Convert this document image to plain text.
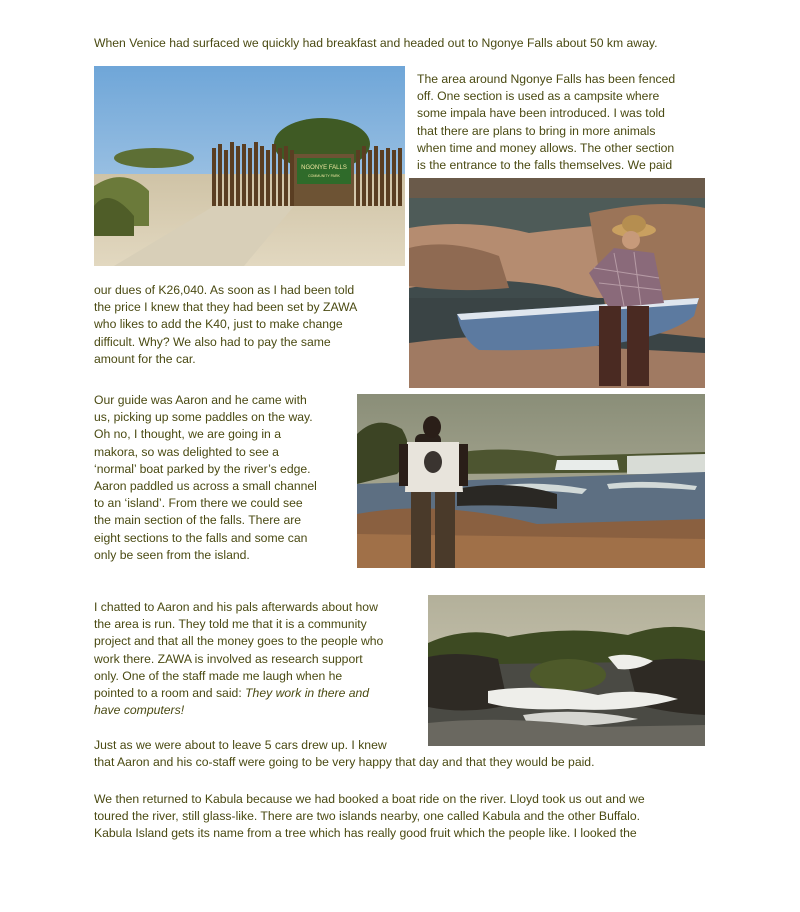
When Venice had surfaced we quickly had breakfast and headed out to Ngonye Falls about 50 km away.
NGONYE FALLS
COMMUNITY PARK
The area around Ngonye Falls has been fenced
off. One section is used as a campsite where
some impala have been introduced. I was told
that there are plans to bring in more animals
when time and money allows. The other section
is the entrance to the falls themselves. We paid
our dues of K26,040. As soon as I had been told
the price I knew that they had been set by ZAWA
who likes to add the K40, just to make change
difficult. Why? We also had to pay the same
amount for the car.
Our guide was Aaron and he came with
us, picking up some paddles on the way.
Oh no, I thought, we are going in a
makora, so was delighted to see a
‘normal’ boat parked by the river’s edge.
Aaron paddled us across a small channel
to an ‘island’. From there we could see
the main section of the falls. There are
eight sections to the falls and some can
only be seen from the island.
I chatted to Aaron and his pals afterwards about how
the area is run. They told me that it is a community
project and that all the money goes to the people who
work there. ZAWA is involved as research support
only. One of the staff made me laugh when he
pointed to a room and said: They work in there and
have computers!
Just as we were about to leave 5 cars drew up. I knew
that Aaron and his co-staff were going to be very happy that day and that they would be paid.
We then returned to Kabula because we had booked a boat ride on the river. Lloyd took us out and we
toured the river, still glass-like. There are two islands nearby, one called Kabula and the other Buffalo.
Kabula Island gets its name from a tree which has really good fruit which the people like. I looked the
